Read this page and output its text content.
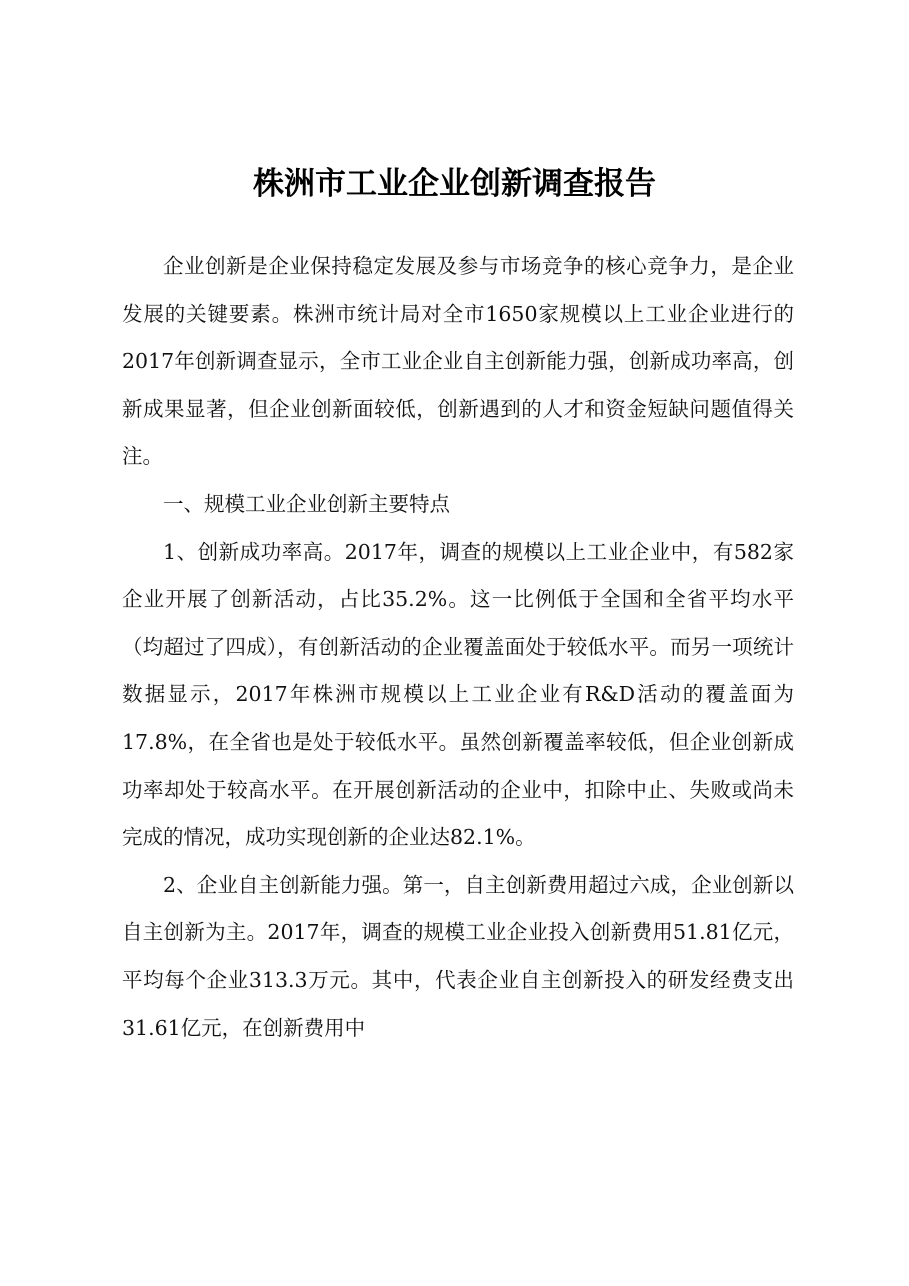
株洲市工业企业创新调查报告

企业创新是企业保持稳定发展及参与市场竞争的核心竞争力，是企业发展的关键要素。株洲市统计局对全市1650家规模以上工业企业进行的2017年创新调查显示，全市工业企业自主创新能力强，创新成功率高，创新成果显著，但企业创新面较低，创新遇到的人才和资金短缺问题值得关注。

一、规模工业企业创新主要特点

1、创新成功率高。2017年，调查的规模以上工业企业中，有582家企业开展了创新活动，占比35.2%。这一比例低于全国和全省平均水平（均超过了四成），有创新活动的企业覆盖面处于较低水平。而另一项统计数据显示，2017年株洲市规模以上工业企业有R&D活动的覆盖面为17.8%，在全省也是处于较低水平。虽然创新覆盖率较低，但企业创新成功率却处于较高水平。在开展创新活动的企业中，扣除中止、失败或尚未完成的情况，成功实现创新的企业达82.1%。

2、企业自主创新能力强。第一，自主创新费用超过六成，企业创新以自主创新为主。2017年，调查的规模工业企业投入创新费用51.81亿元，平均每个企业313.3万元。其中，代表企业自主创新投入的研发经费支出31.61亿元，在创新费用中
